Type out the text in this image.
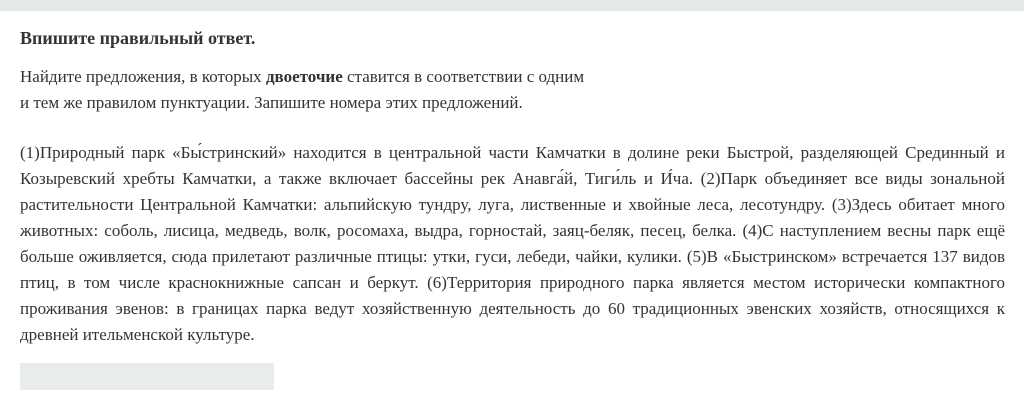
Впишите правильный ответ.

Найдите предложения, в которых двоеточие ставится в соответствии с одним
и тем же правилом пунктуации. Запишите номера этих предложений.

(1)Природный парк «Бы́стринский» находится в центральной части Камчатки в долине реки Быстрой, разделяющей Срединный и Козыревский хребты Камчатки, а также включает бассейны рек Анавга́й, Тиги́ль и И́ча. (2)Парк объединяет все виды зональной растительности Центральной Камчатки: альпийскую тундру, луга, лиственные и хвойные леса, лесотундру. (3)Здесь обитает много животных: соболь, лисица, медведь, волк, росомаха, выдра, горностай, заяц-беляк, песец, белка. (4)С наступлением весны парк ещё больше оживляется, сюда прилетают различные птицы: утки, гуси, лебеди, чайки, кулики. (5)В «Быстринском» встречается 137 видов птиц, в том числе краснокнижные сапсан и беркут. (6)Территория природного парка является местом исторически компактного проживания эвенов: в границах парка ведут хозяйственную деятельность до 60 традиционных эвенских хозяйств, относящихся к древней ительменской культуре.
